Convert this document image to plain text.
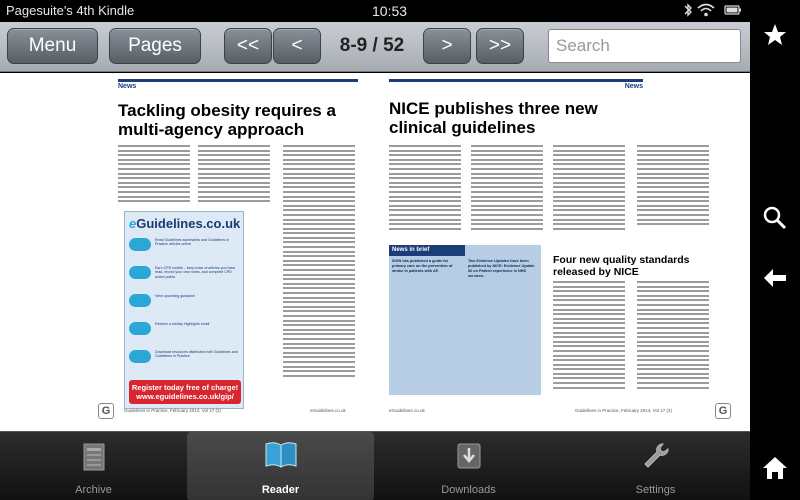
Pagesuite's 4th Kindle	10:53
Menu	Pages	<<	<	8-9 / 52	>	>>
Search
News
Tackling obesity requires a
multi-agency approach
eGuidelines.co.uk
Read Guidelines summaries and Guidelines in Practice articles online
Earn CPD credits – keep track of articles you have read, record your own notes, and complete CPD action points
View upcoming guidance
Receive a weekly Highlights email
Download resources distributed with Guidelines and Guidelines in Practice
Register today free of charge!
www.eguidelines.co.uk/gip/
G	Guidelines in Practice, February 2014, Vol 17 (2)	eGuidelines.co.uk
News
NICE publishes three new
clinical guidelines
News in brief
SIGN has published a guide for primary care on the prevention of stroke in patients with AF.
Two Evidence Updates have been published by NICE: Evidence Update 52 on Patient experience in NHS services.
Four new quality standards
released by NICE
eGuidelines.co.uk	Guidelines in Practice, February 2014, Vol 17 (2)	G
Archive	Reader	Downloads	Settings
